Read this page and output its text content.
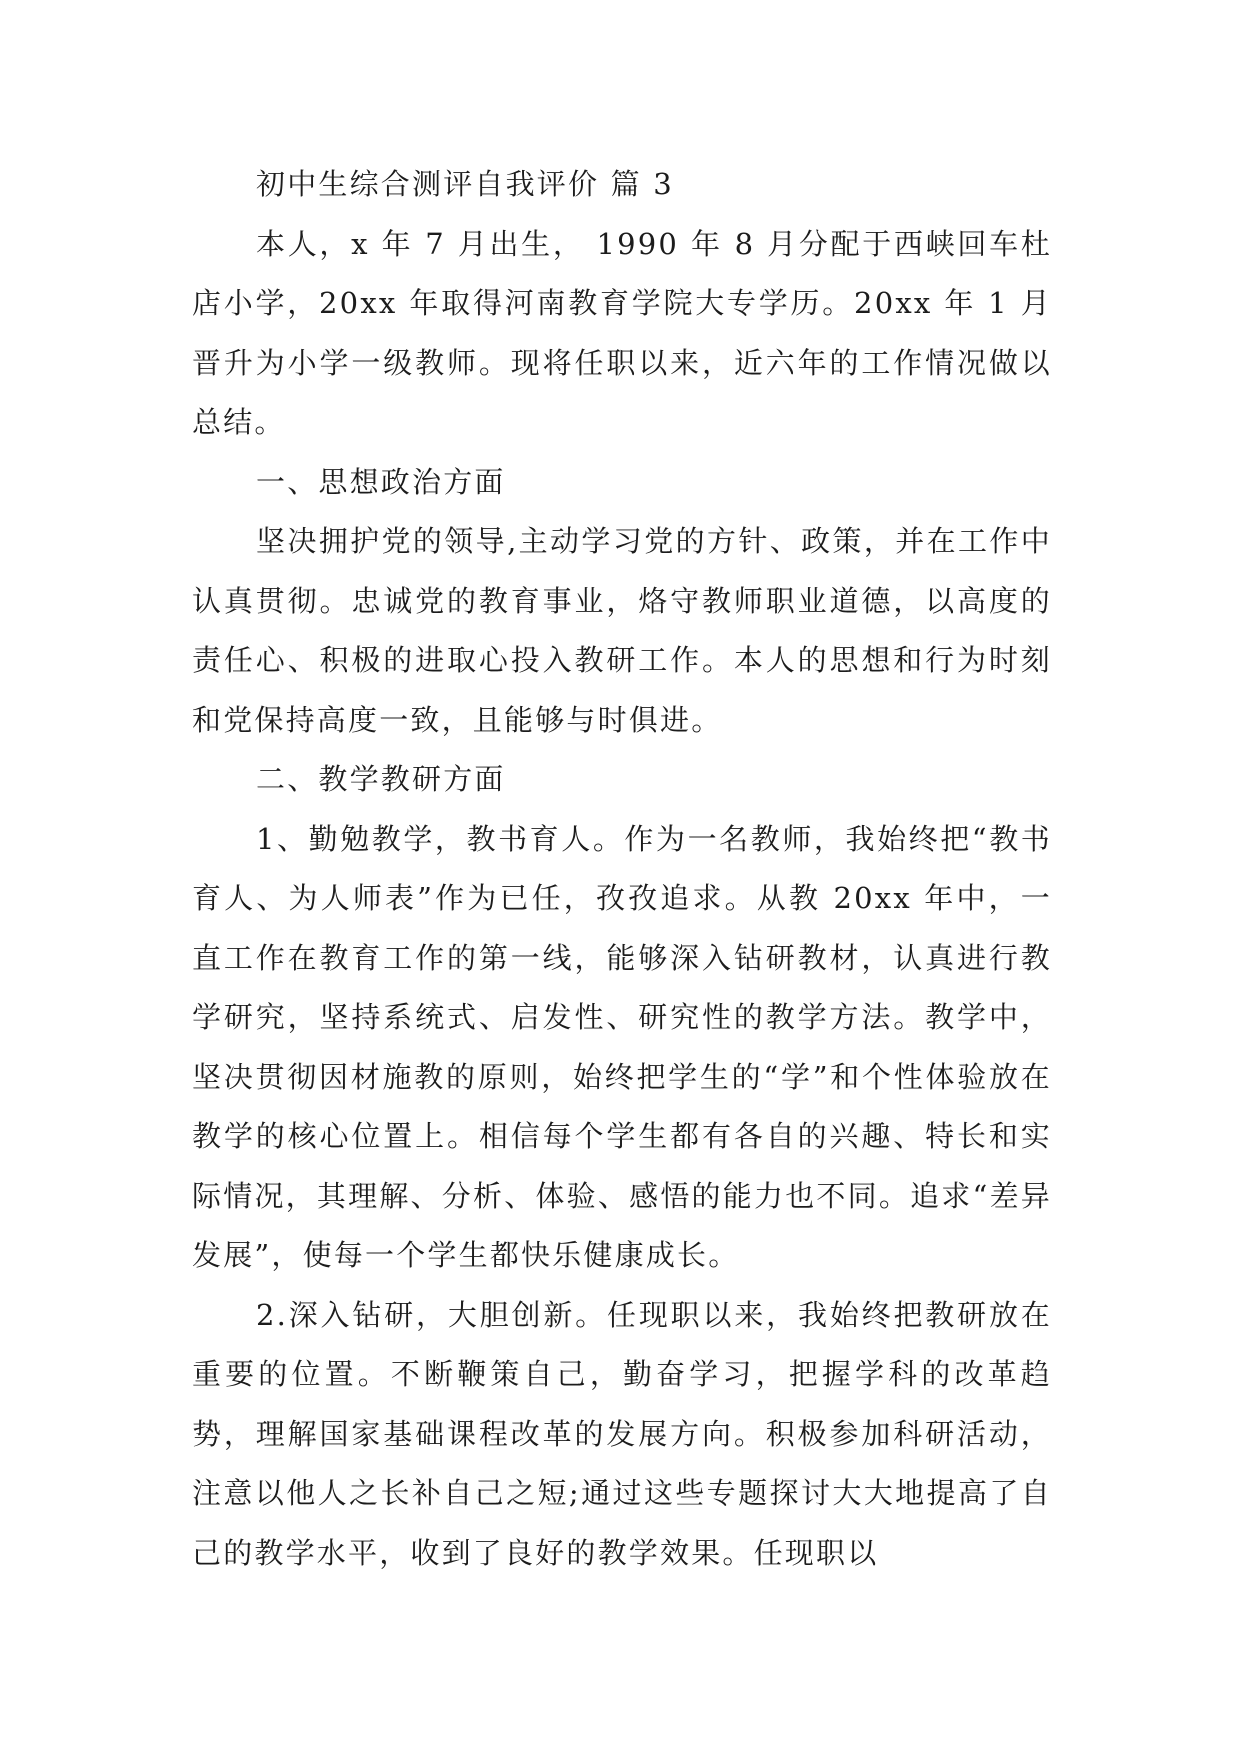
初中生综合测评自我评价 篇 3

本人，x 年 7 月出生， 1990 年 8 月分配于西峡回车杜店小学，20xx 年取得河南教育学院大专学历。20xx 年 1 月晋升为小学一级教师。现将任职以来，近六年的工作情况做以总结。

一、思想政治方面

坚决拥护党的领导,主动学习党的方针、政策，并在工作中认真贯彻。忠诚党的教育事业，烙守教师职业道德，以高度的责任心、积极的进取心投入教研工作。本人的思想和行为时刻和党保持高度一致，且能够与时俱进。

二、教学教研方面

1、勤勉教学，教书育人。作为一名教师，我始终把“教书育人、为人师表”作为已任，孜孜追求。从教 20xx 年中，一直工作在教育工作的第一线，能够深入钻研教材，认真进行教学研究，坚持系统式、启发性、研究性的教学方法。教学中，坚决贯彻因材施教的原则，始终把学生的“学”和个性体验放在教学的核心位置上。相信每个学生都有各自的兴趣、特长和实际情况，其理解、分析、体验、感悟的能力也不同。追求“差异发展”，使每一个学生都快乐健康成长。

2.深入钻研，大胆创新。任现职以来，我始终把教研放在重要的位置。不断鞭策自己，勤奋学习，把握学科的改革趋势，理解国家基础课程改革的发展方向。积极参加科研活动，注意以他人之长补自己之短;通过这些专题探讨大大地提高了自己的教学水平，收到了良好的教学效果。任现职以
